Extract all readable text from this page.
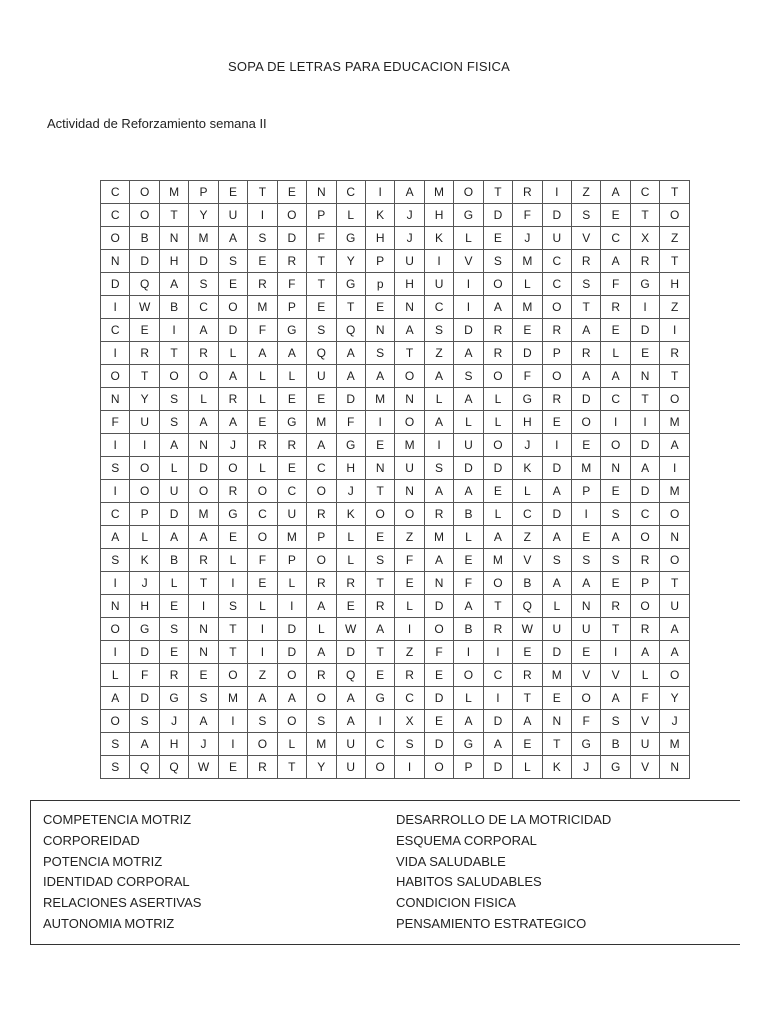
SOPA DE LETRAS PARA EDUCACION FISICA
Actividad de Reforzamiento semana II
C	O	M	P	E	T	E	N	C	I	A	M	O	T	R	I	Z	A	C	T
C	O	T	Y	U	I	O	P	L	K	J	H	G	D	F	D	S	E	T	O
O	B	N	M	A	S	D	F	G	H	J	K	L	E	J	U	V	C	X	Z
N	D	H	D	S	E	R	T	Y	P	U	I	V	S	M	C	R	A	R	T
D	Q	A	S	E	R	F	T	G	p	H	U	I	O	L	C	S	F	G	H
I	W	B	C	O	M	P	E	T	E	N	C	I	A	M	O	T	R	I	Z
C	E	I	A	D	F	G	S	Q	N	A	S	D	R	E	R	A	E	D	I
I	R	T	R	L	A	A	Q	A	S	T	Z	A	R	D	P	R	L	E	R
O	T	O	O	A	L	L	U	A	A	O	A	S	O	F	O	A	A	N	T
N	Y	S	L	R	L	E	E	D	M	N	L	A	L	G	R	D	C	T	O
F	U	S	A	A	E	G	M	F	I	O	A	L	L	H	E	O	I	I	M
I	I	A	N	J	R	R	A	G	E	M	I	U	O	J	I	E	O	D	A
S	O	L	D	O	L	E	C	H	N	U	S	D	D	K	D	M	N	A	I
I	O	U	O	R	O	C	O	J	T	N	A	A	E	L	A	P	E	D	M
C	P	D	M	G	C	U	R	K	O	O	R	B	L	C	D	I	S	C	O
A	L	A	A	E	O	M	P	L	E	Z	M	L	A	Z	A	E	A	O	N
S	K	B	R	L	F	P	O	L	S	F	A	E	M	V	S	S	S	R	O
I	J	L	T	I	E	L	R	R	T	E	N	F	O	B	A	A	E	P	T
N	H	E	I	S	L	I	A	E	R	L	D	A	T	Q	L	N	R	O	U
O	G	S	N	T	I	D	L	W	A	I	O	B	R	W	U	U	T	R	A
I	D	E	N	T	I	D	A	D	T	Z	F	I	I	E	D	E	I	A	A
L	F	R	E	O	Z	O	R	Q	E	R	E	O	C	R	M	V	V	L	O
A	D	G	S	M	A	A	O	A	G	C	D	L	I	T	E	O	A	F	Y
O	S	J	A	I	S	O	S	A	I	X	E	A	D	A	N	F	S	V	J
S	A	H	J	I	O	L	M	U	C	S	D	G	A	E	T	G	B	U	M
S	Q	Q	W	E	R	T	Y	U	O	I	O	P	D	L	K	J	G	V	N
COMPETENCIA MOTRIZ
CORPOREIDAD
POTENCIA MOTRIZ
IDENTIDAD CORPORAL
RELACIONES ASERTIVAS
AUTONOMIA MOTRIZ
DESARROLLO DE LA MOTRICIDAD
ESQUEMA CORPORAL
VIDA SALUDABLE
HABITOS SALUDABLES
CONDICION FISICA
PENSAMIENTO ESTRATEGICO
